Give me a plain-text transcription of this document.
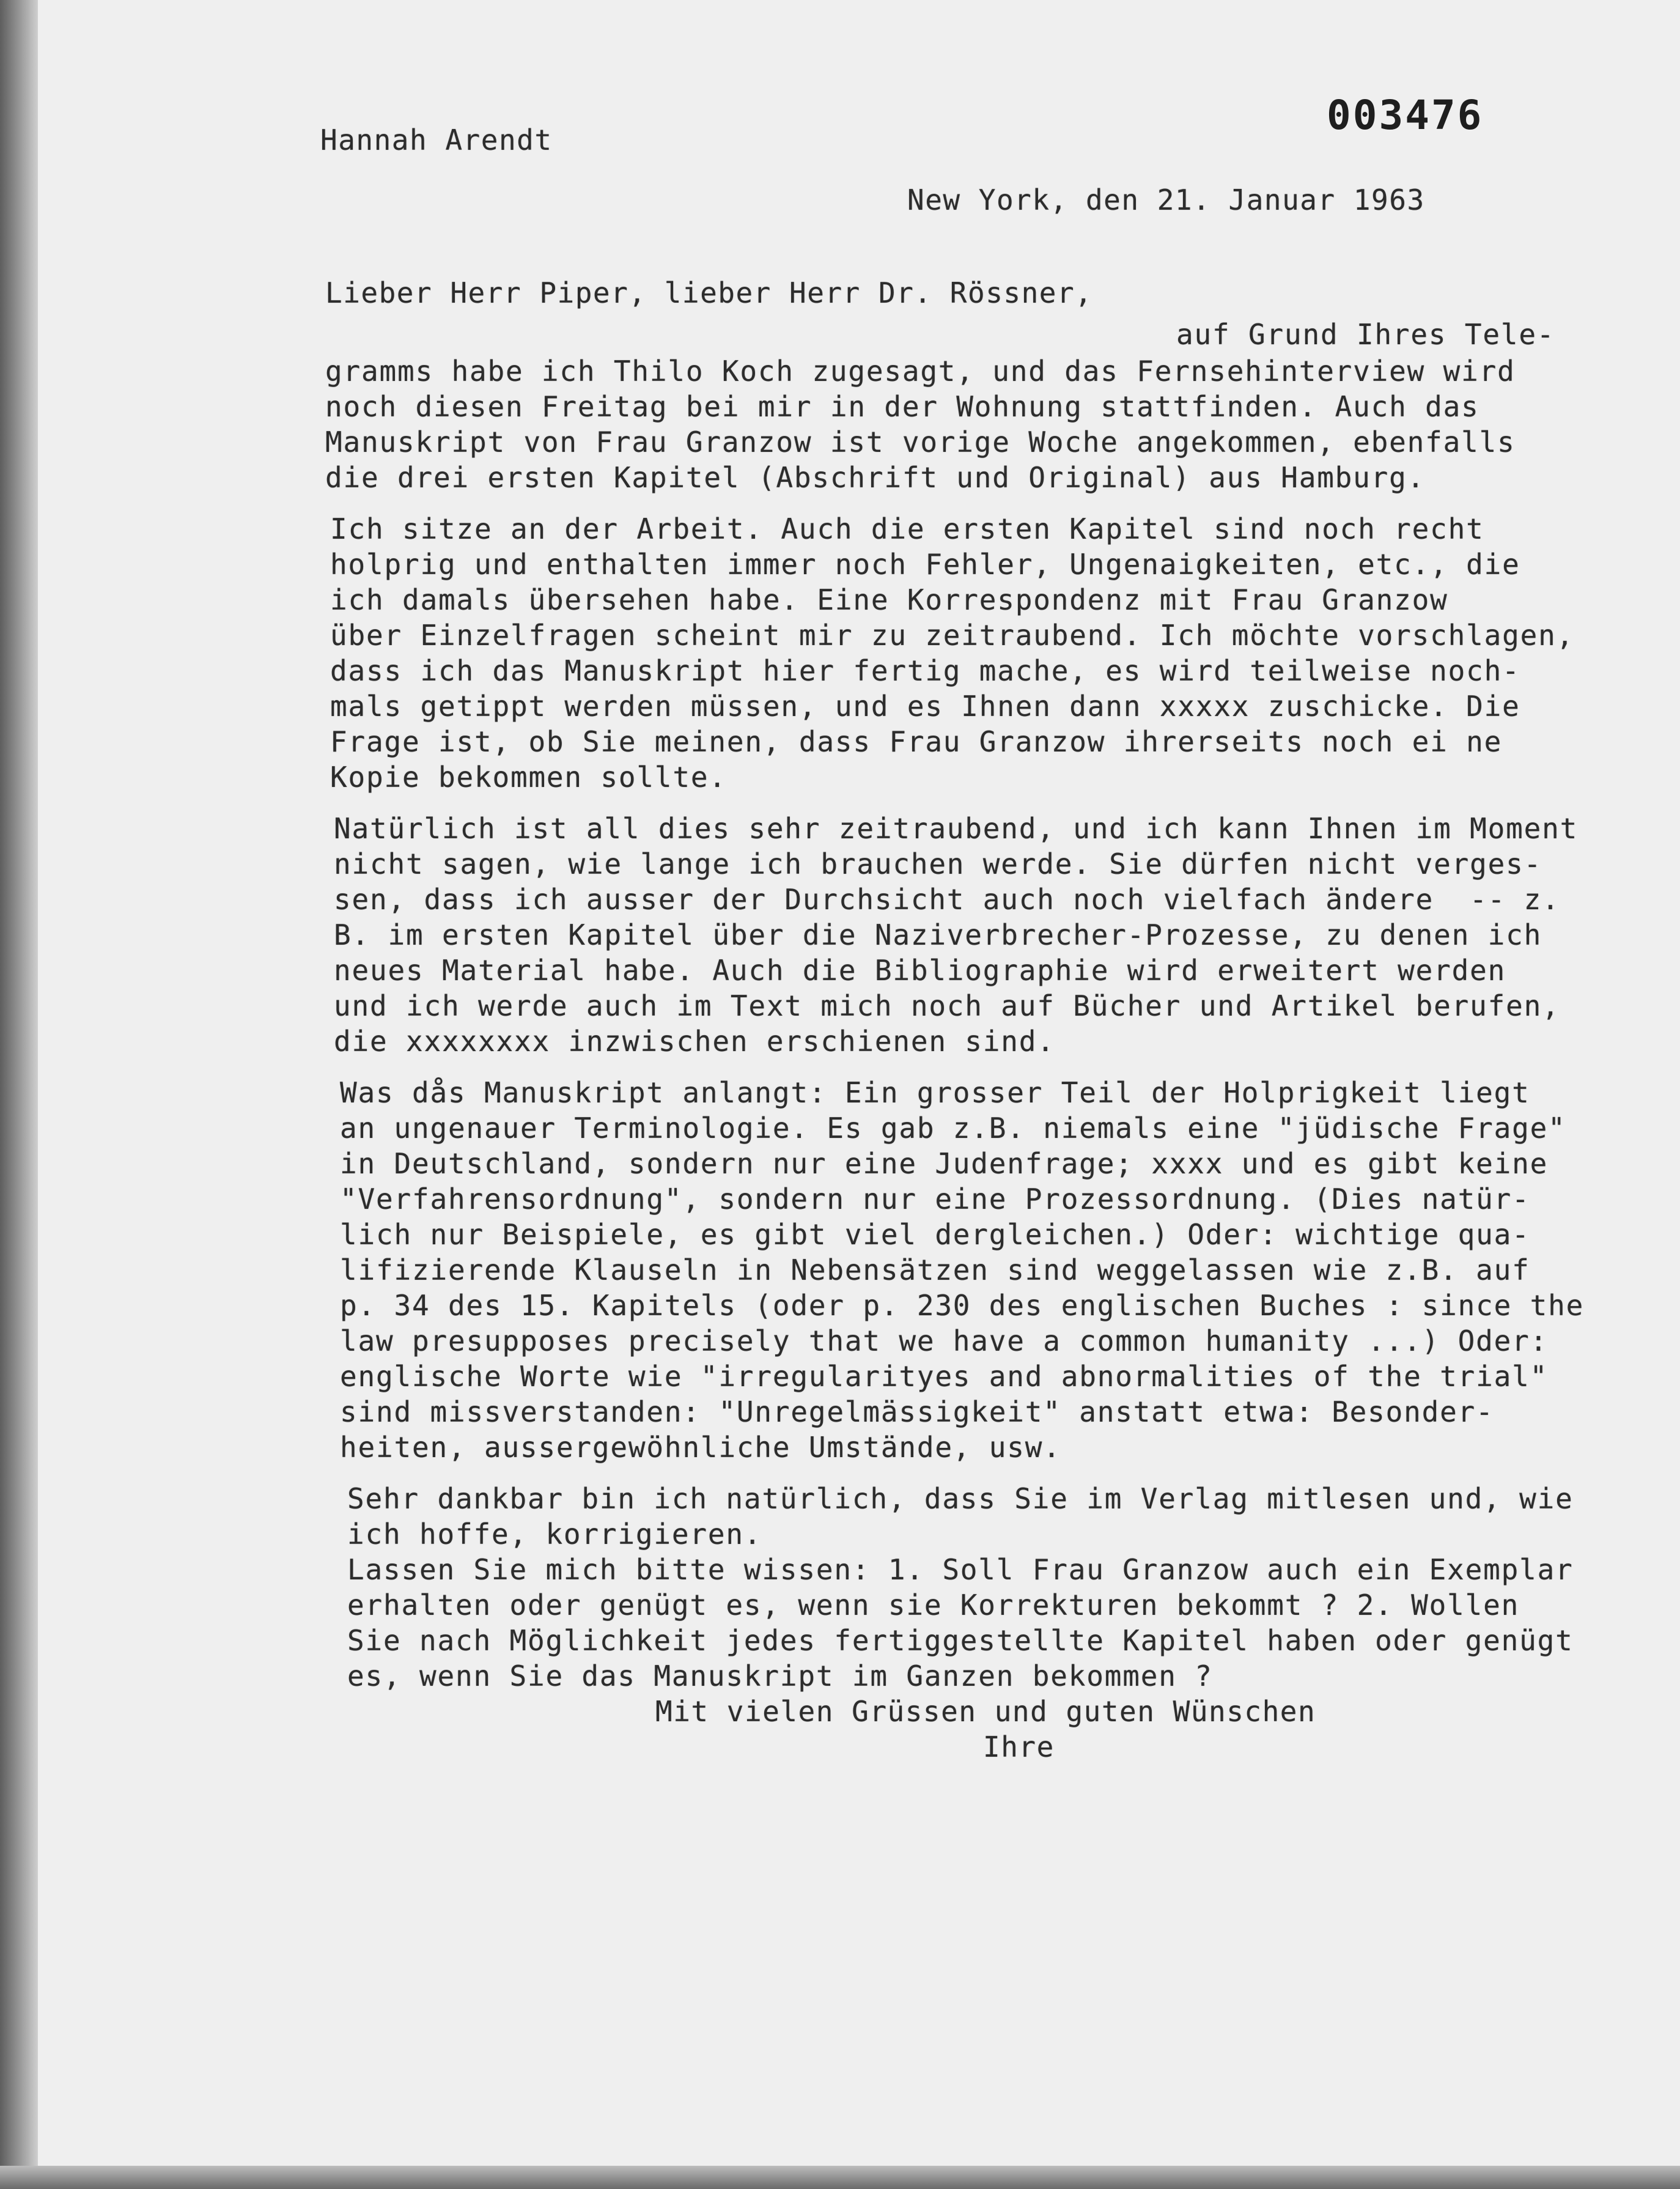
Hannah Arendt
003476
New York, den 21. Januar 1963
Lieber Herr Piper, lieber Herr Dr. Rössner,
auf Grund Ihres Tele-
gramms habe ich Thilo Koch zugesagt, und das Fernsehinterview wird
noch diesen Freitag bei mir in der Wohnung stattfinden. Auch das
Manuskript von Frau Granzow ist vorige Woche angekommen, ebenfalls
die drei ersten Kapitel (Abschrift und Original) aus Hamburg.
Ich sitze an der Arbeit. Auch die ersten Kapitel sind noch recht
holprig und enthalten immer noch Fehler, Ungenaigkeiten, etc., die
ich damals übersehen habe. Eine Korrespondenz mit Frau Granzow
über Einzelfragen scheint mir zu zeitraubend. Ich möchte vorschlagen,
dass ich das Manuskript hier fertig mache, es wird teilweise noch-
mals getippt werden müssen, und es Ihnen dann xxxxx zuschicke. Die
Frage ist, ob Sie meinen, dass Frau Granzow ihrerseits noch ei ne
Kopie bekommen sollte.
Natürlich ist all dies sehr zeitraubend, und ich kann Ihnen im Moment
nicht sagen, wie lange ich brauchen werde. Sie dürfen nicht verges-
sen, dass ich ausser der Durchsicht auch noch vielfach ändere  -- z.
B. im ersten Kapitel über die Naziverbrecher-Prozesse, zu denen ich
neues Material habe. Auch die Bibliographie wird erweitert werden
und ich werde auch im Text mich noch auf Bücher und Artikel berufen,
die xxxxxxxx inzwischen erschienen sind.
Was dås Manuskript anlangt: Ein grosser Teil der Holprigkeit liegt
an ungenauer Terminologie. Es gab z.B. niemals eine "jüdische Frage"
in Deutschland, sondern nur eine Judenfrage; xxxx und es gibt keine
"Verfahrensordnung", sondern nur eine Prozessordnung. (Dies natür-
lich nur Beispiele, es gibt viel dergleichen.) Oder: wichtige qua-
lifizierende Klauseln in Nebensätzen sind weggelassen wie z.B. auf
p. 34 des 15. Kapitels (oder p. 230 des englischen Buches : since the
law presupposes precisely that we have a common humanity ...) Oder:
englische Worte wie "irregularityes and abnormalities of the trial"
sind missverstanden: "Unregelmässigkeit" anstatt etwa: Besonder-
heiten, aussergewöhnliche Umstände, usw.
Sehr dankbar bin ich natürlich, dass Sie im Verlag mitlesen und, wie
ich hoffe, korrigieren.
Lassen Sie mich bitte wissen: 1. Soll Frau Granzow auch ein Exemplar
erhalten oder genügt es, wenn sie Korrekturen bekommt ? 2. Wollen
Sie nach Möglichkeit jedes fertiggestellte Kapitel haben oder genügt
es, wenn Sie das Manuskript im Ganzen bekommen ?
Mit vielen Grüssen und guten Wünschen
Ihre
